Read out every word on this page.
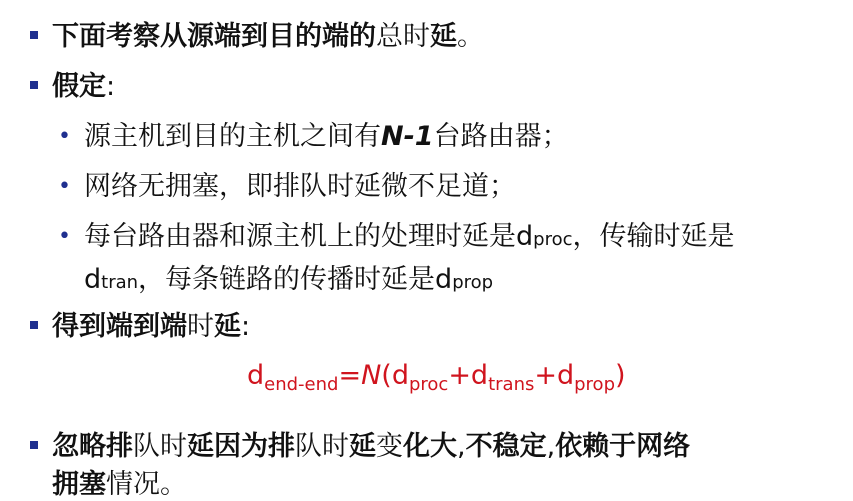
下面考察从源端到目的端的 总时 延 。
假定 :
• 源主机到目的主机之间有 N-1 台路由器；
• 网络无拥塞，即排队时延微不足道；
• 每台路由器和源主机上的处理时延是d proc ，传输时延是
d tran ，每条链路的传播时延是d prop
得到端到端 时 延 :
$d_{end-end}=N(d_{proc}+d_{trans}+d_{prop})$
忽略排 队时 延因为排 队时 延 变 化大 , 不稳定 , 依赖于网络
拥塞 情况 。
